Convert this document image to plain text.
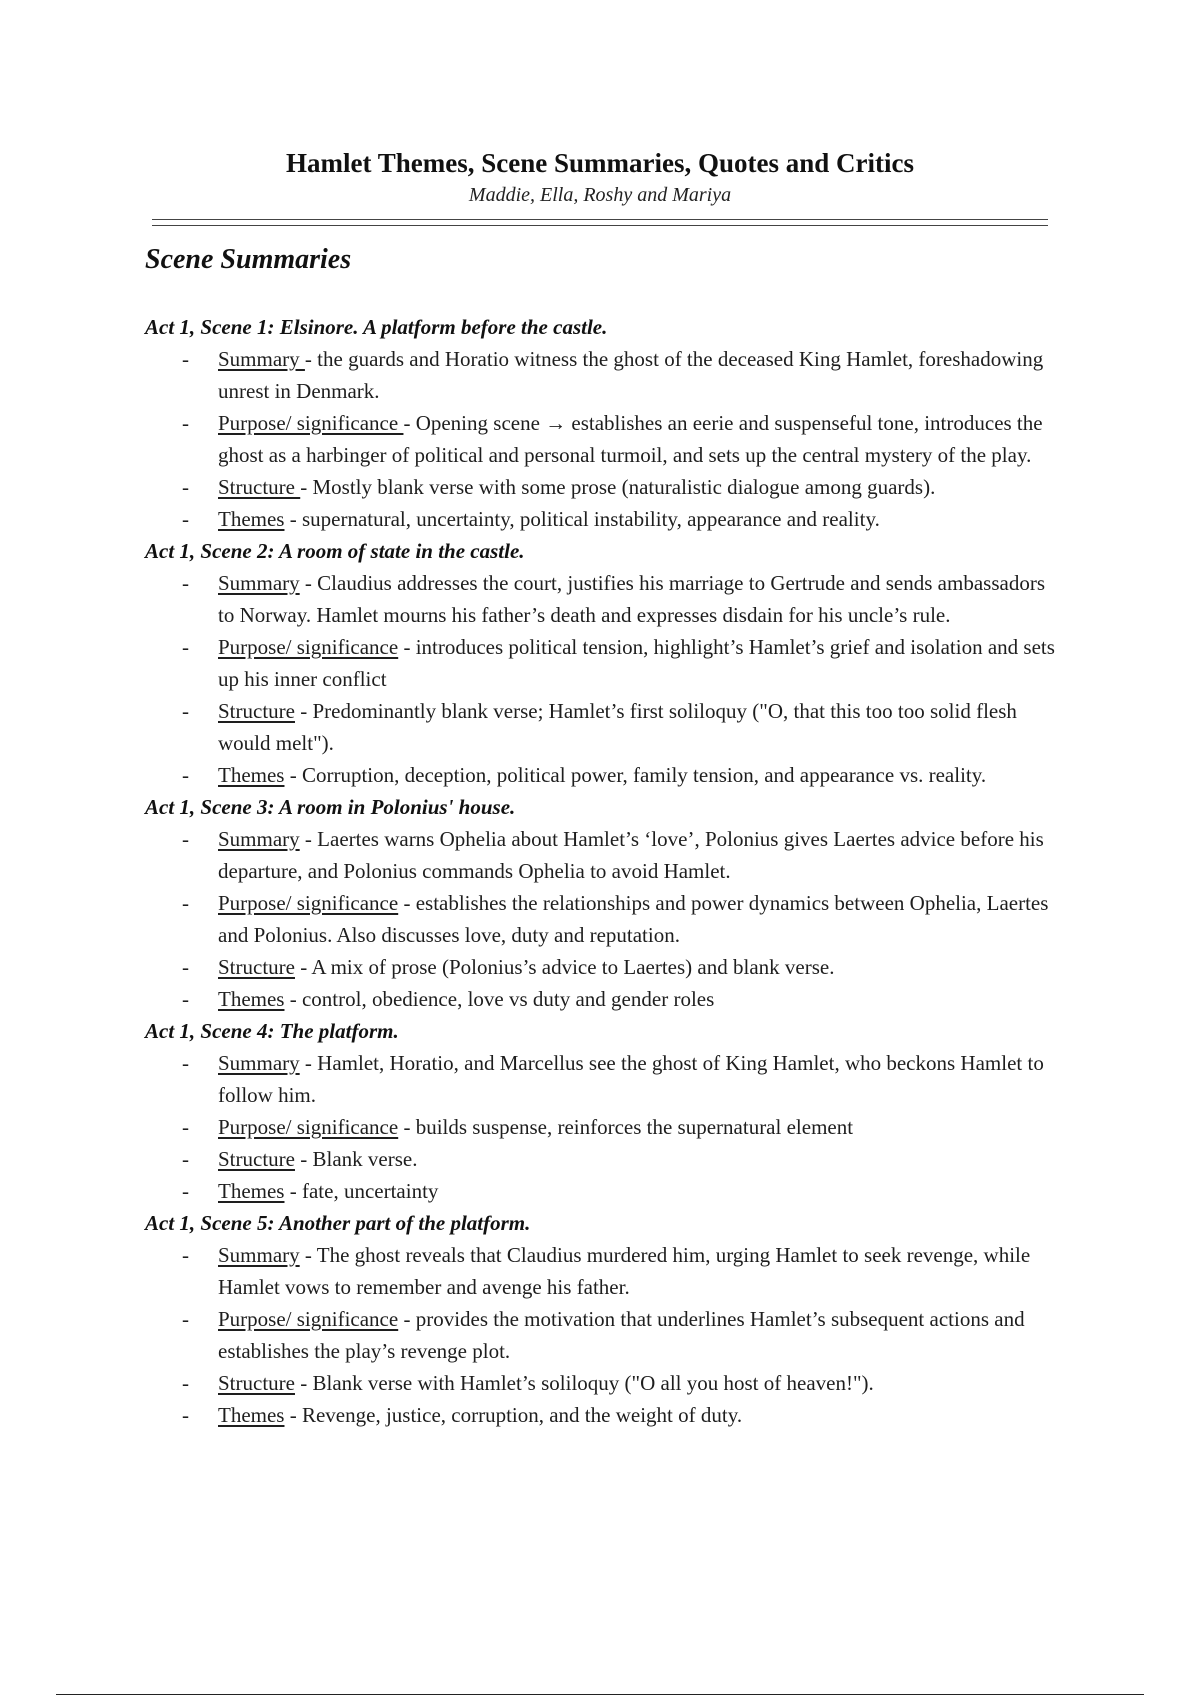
Hamlet Themes, Scene Summaries, Quotes and Critics

Maddie, Ella, Roshy and Mariya

Scene Summaries

Act 1, Scene 1: Elsinore. A platform before the castle.

- Summary - the guards and Horatio witness the ghost of the deceased King Hamlet, foreshadowing unrest in Denmark.
- Purpose/ significance - Opening scene → establishes an eerie and suspenseful tone, introduces the ghost as a harbinger of political and personal turmoil, and sets up the central mystery of the play.
- Structure - Mostly blank verse with some prose (naturalistic dialogue among guards).
- Themes - supernatural, uncertainty, political instability, appearance and reality.

Act 1, Scene 2: A room of state in the castle.

- Summary - Claudius addresses the court, justifies his marriage to Gertrude and sends ambassadors to Norway. Hamlet mourns his father’s death and expresses disdain for his uncle’s rule.
- Purpose/ significance - introduces political tension, highlight’s Hamlet’s grief and isolation and sets up his inner conflict
- Structure - Predominantly blank verse; Hamlet’s first soliloquy ("O, that this too too solid flesh would melt").
- Themes - Corruption, deception, political power, family tension, and appearance vs. reality.

Act 1, Scene 3: A room in Polonius' house.

- Summary - Laertes warns Ophelia about Hamlet’s ‘love’, Polonius gives Laertes advice before his departure, and Polonius commands Ophelia to avoid Hamlet.
- Purpose/ significance - establishes the relationships and power dynamics between Ophelia, Laertes and Polonius. Also discusses love, duty and reputation.
- Structure - A mix of prose (Polonius’s advice to Laertes) and blank verse.
- Themes - control, obedience, love vs duty and gender roles

Act 1, Scene 4: The platform.

- Summary - Hamlet, Horatio, and Marcellus see the ghost of King Hamlet, who beckons Hamlet to follow him.
- Purpose/ significance - builds suspense, reinforces the supernatural element
- Structure - Blank verse.
- Themes - fate, uncertainty

Act 1, Scene 5: Another part of the platform.

- Summary - The ghost reveals that Claudius murdered him, urging Hamlet to seek revenge, while Hamlet vows to remember and avenge his father.
- Purpose/ significance - provides the motivation that underlines Hamlet’s subsequent actions and establishes the play’s revenge plot.
- Structure - Blank verse with Hamlet’s soliloquy ("O all you host of heaven!").
- Themes - Revenge, justice, corruption, and the weight of duty.
